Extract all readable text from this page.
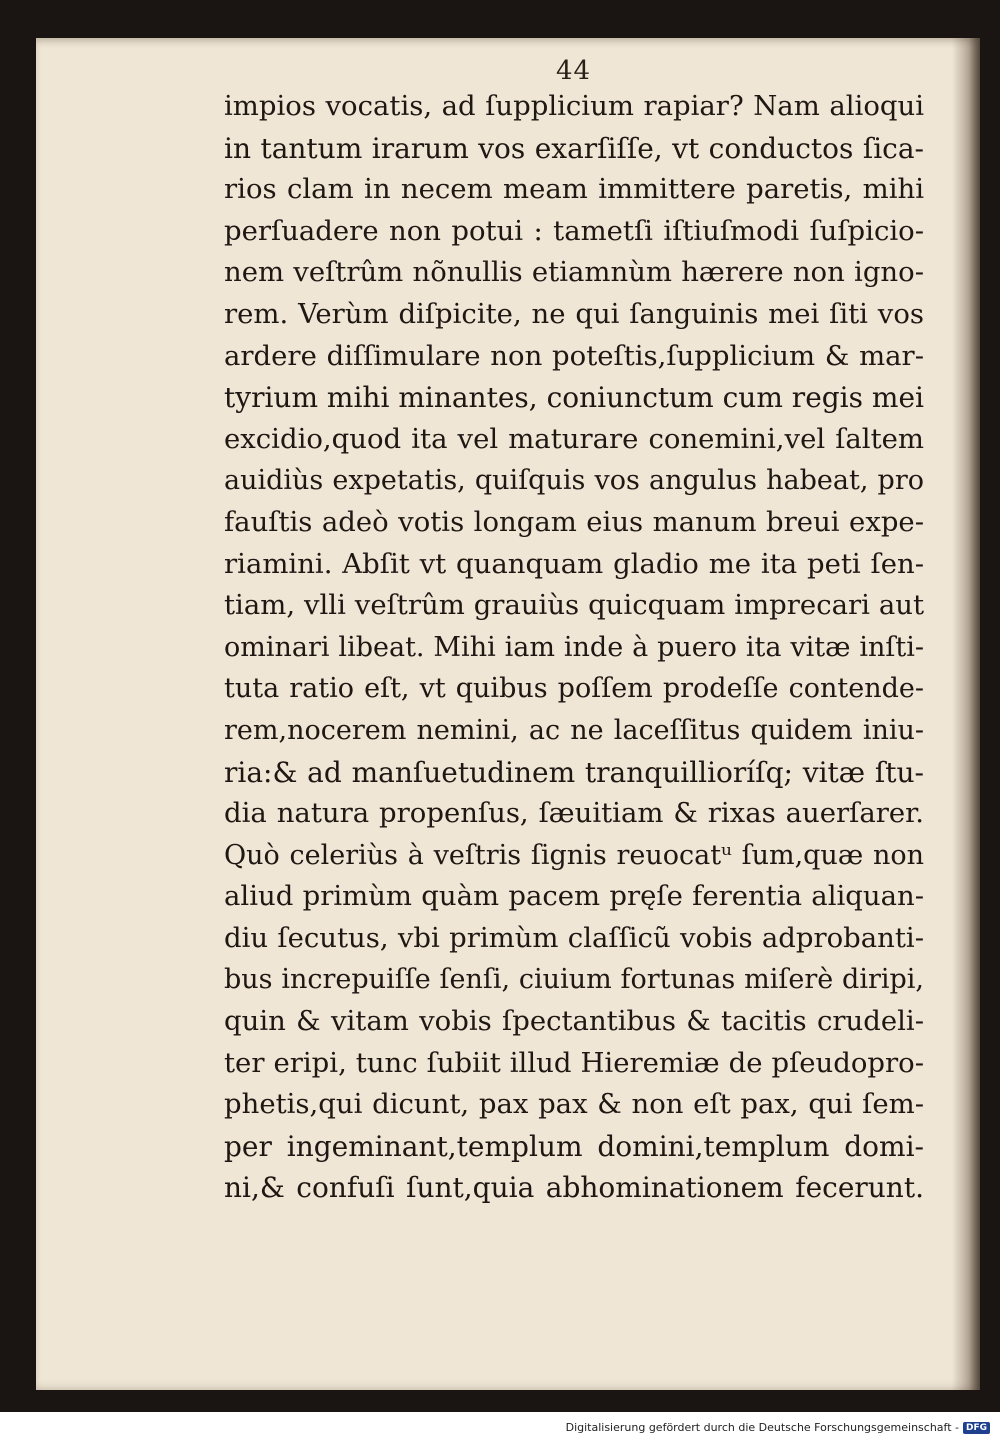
44
impios vocatis, ad ſupplicium rapiar? Nam alioqui
in tantum irarum vos exarſiſſe, vt conductos ſica-
rios clam in necem meam immittere paretis, mihi
perſuadere non potui : tametſi iſtiuſmodi ſuſpicio-
nem veſtrûm nõnullis etiamnùm hærere non igno-
rem. Verùm diſpicite, ne qui ſanguinis mei ſiti vos
ardere diſſimulare non poteſtis,ſupplicium & mar-
tyrium mihi minantes, coniunctum cum regis mei
excidio,quod ita vel maturare conemini,vel ſaltem
auidiùs expetatis, quiſquis vos angulus habeat, pro
fauſtis adeò votis longam eius manum breui expe-
riamini. Abſit vt quanquam gladio me ita peti ſen-
tiam, vlli veſtrûm grauiùs quicquam imprecari aut
ominari libeat. Mihi iam inde à puero ita vitæ inſti-
tuta ratio eſt, vt quibus poſſem prodeſſe contende-
rem,nocerem nemini, ac ne laceſſitus quidem iniu-
ria:& ad manſuetudinem tranquillioríſq; vitæ ſtu-
dia natura propenſus, ſæuitiam & rixas auerſarer.
Quò celeriùs à veſtris ſignis reuocatᵘ ſum,quæ non
aliud primùm quàm pacem pręſe ferentia aliquan-
diu ſecutus, vbi primùm claſſicũ vobis adprobanti-
bus increpuiſſe ſenſi, ciuium fortunas miſerè diripi,
quin & vitam vobis ſpectantibus & tacitis crudeli-
ter eripi, tunc ſubiit illud Hieremiæ de pſeudopro-
phetis,qui dicunt, pax pax & non eſt pax, qui ſem-
per ingeminant,templum domini,templum domi-
ni,& confuſi ſunt,quia abhominationem fecerunt.
Digitalisierung gefördert durch die Deutsche Forschungsgemeinschaft - DFG
